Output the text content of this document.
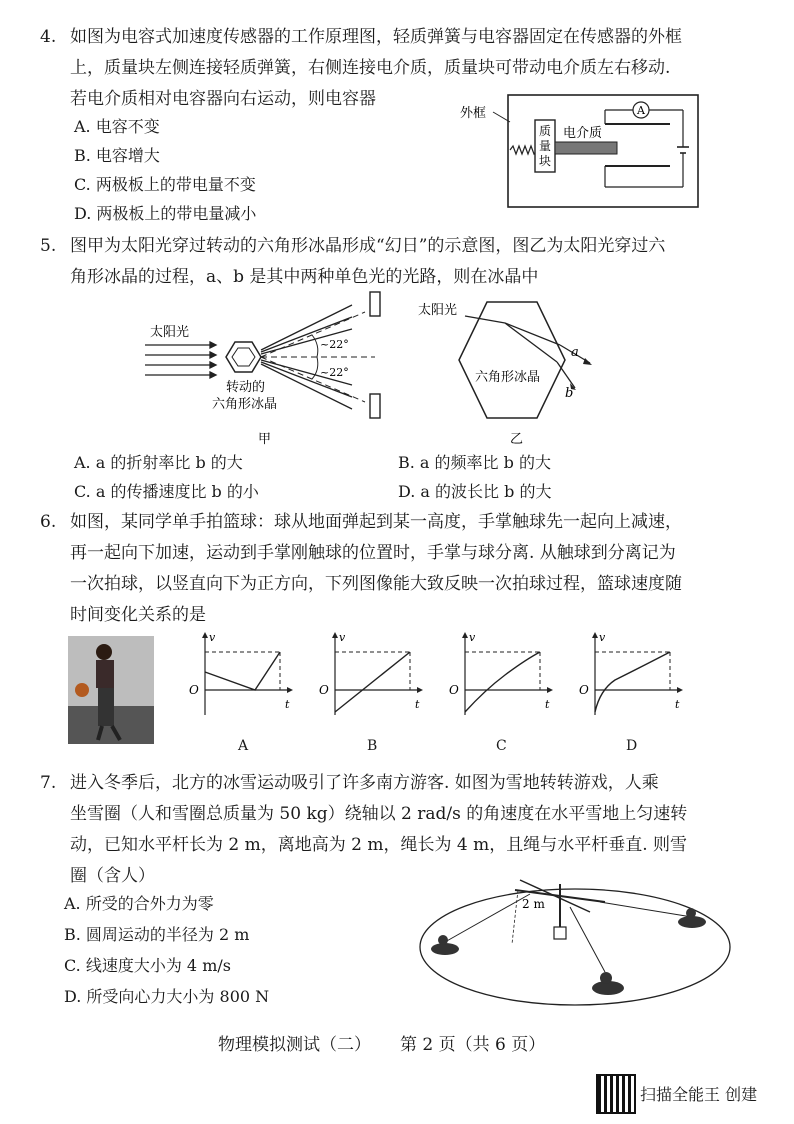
4. 如图为电容式加速度传感器的工作原理图，轻质弹簧与电容器固定在传感器的外框
上，质量块左侧连接轻质弹簧，右侧连接电介质，质量块可带动电介质左右移动.
若电介质相对电容器向右运动，则电容器
A. 电容不变
B. 电容增大
C. 两极板上的带电量不变
D. 两极板上的带电量减小
外框
质
量
块
电介质
A
5. 图甲为太阳光穿过转动的六角形冰晶形成“幻日”的示意图，图乙为太阳光穿过六
角形冰晶的过程，a、b 是其中两种单色光的光路，则在冰晶中
太阳光
~22°
~22°
转动的
六角形冰晶
甲
太阳光
a
b
六角形冰晶
乙
A. a 的折射率比 b 的大	B. a 的频率比 b 的大
C. a 的传播速度比 b 的小	D. a 的波长比 b 的大
6. 如图，某同学单手拍篮球：球从地面弹起到某一高度，手掌触球先一起向上减速，
再一起向下加速，运动到手掌刚触球的位置时，手掌与球分离. 从触球到分离记为
一次拍球，以竖直向下为正方向，下列图像能大致反映一次拍球过程，篮球速度随
时间变化关系的是
v
t
O
v
t
O
v
t
O
v
t
O
A	B	C	D
7. 进入冬季后，北方的冰雪运动吸引了许多南方游客. 如图为雪地转转游戏，人乘
坐雪圈（人和雪圈总质量为 50 kg）绕轴以 2 rad/s 的角速度在水平雪地上匀速转
动，已知水平杆长为 2 m，离地高为 2 m，绳长为 4 m，且绳与水平杆垂直. 则雪
圈（含人）
A. 所受的合外力为零
B. 圆周运动的半径为 2 m
C. 线速度大小为 4 m/s
D. 所受向心力大小为 800 N
2 m
物理模拟测试（二） 第 2 页（共 6 页）
扫描全能王 创建
